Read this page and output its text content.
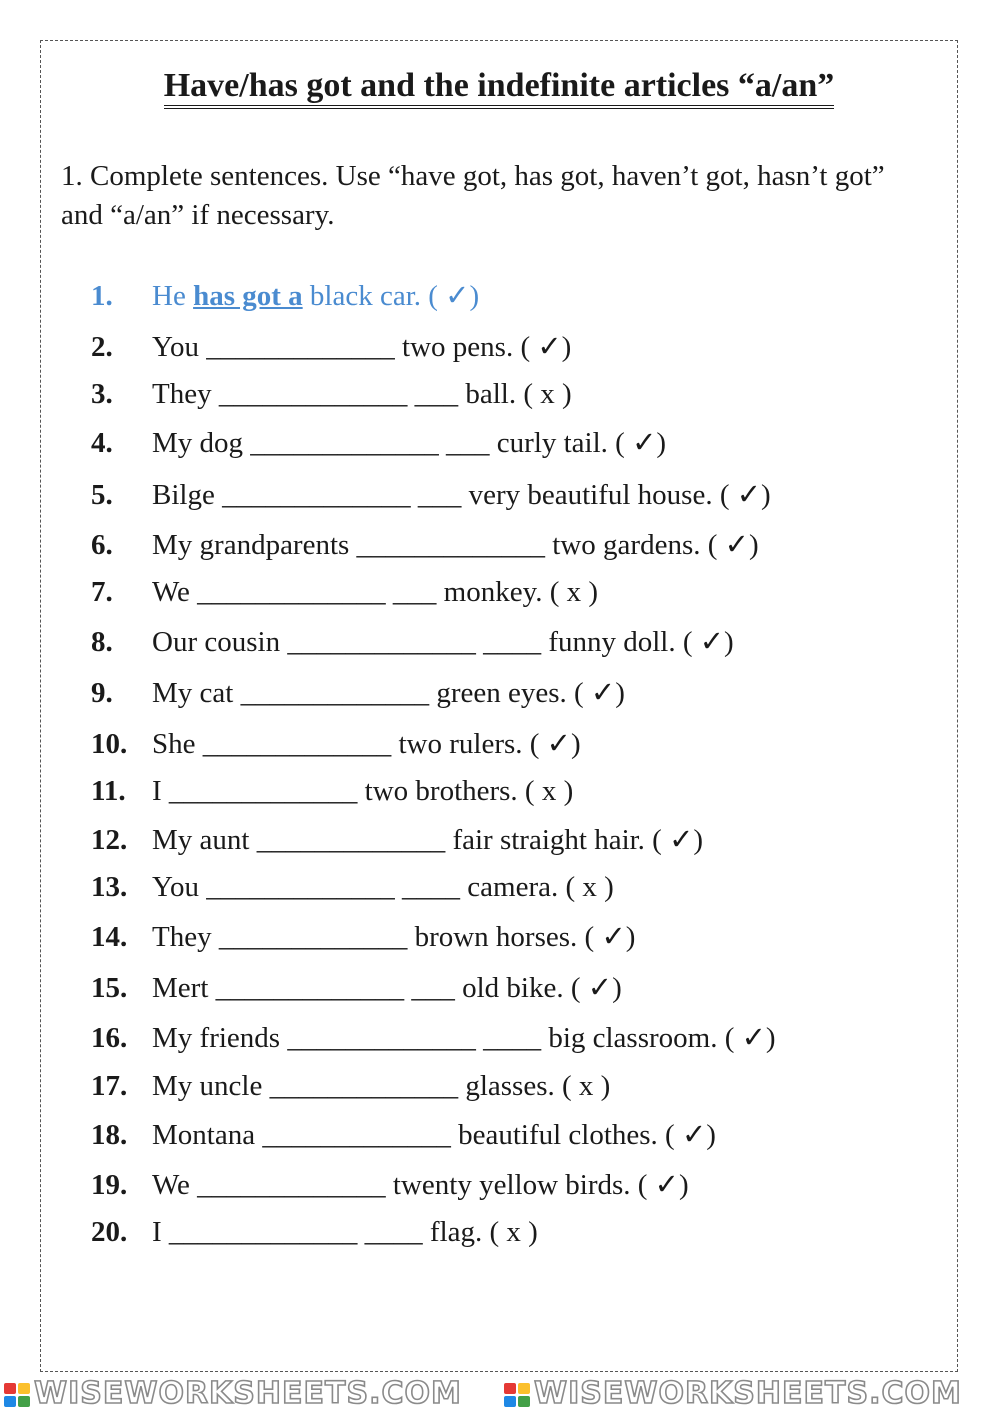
Have/has got and the indefinite articles “a/an”
1. Complete sentences. Use “have got, has got, haven’t got, hasn’t got” and “a/an” if necessary.
1. He has got a black car. ( ✓)
2. You _____________ two pens. ( ✓)
3. They _____________ ___ ball. ( x )
4. My dog _____________ ___ curly tail. ( ✓)
5. Bilge _____________ ___ very beautiful house. ( ✓)
6. My grandparents _____________ two gardens. ( ✓)
7. We _____________ ___ monkey. ( x )
8. Our cousin _____________ ____ funny doll. ( ✓)
9. My cat _____________ green eyes. ( ✓)
10. She _____________ two rulers. ( ✓)
11. I _____________ two brothers. ( x )
12. My aunt _____________ fair straight hair. ( ✓)
13. You _____________ ____ camera. ( x )
14. They _____________ brown horses. ( ✓)
15. Mert _____________ ___ old bike. ( ✓)
16. My friends _____________ ____ big classroom. ( ✓)
17. My uncle _____________ glasses. ( x )
18. Montana _____________ beautiful clothes. ( ✓)
19. We _____________ twenty yellow birds. ( ✓)
20. I _____________ ____ flag. ( x )
WISEWORKSHEETS.COM WISEWORKSHEETS.COM
